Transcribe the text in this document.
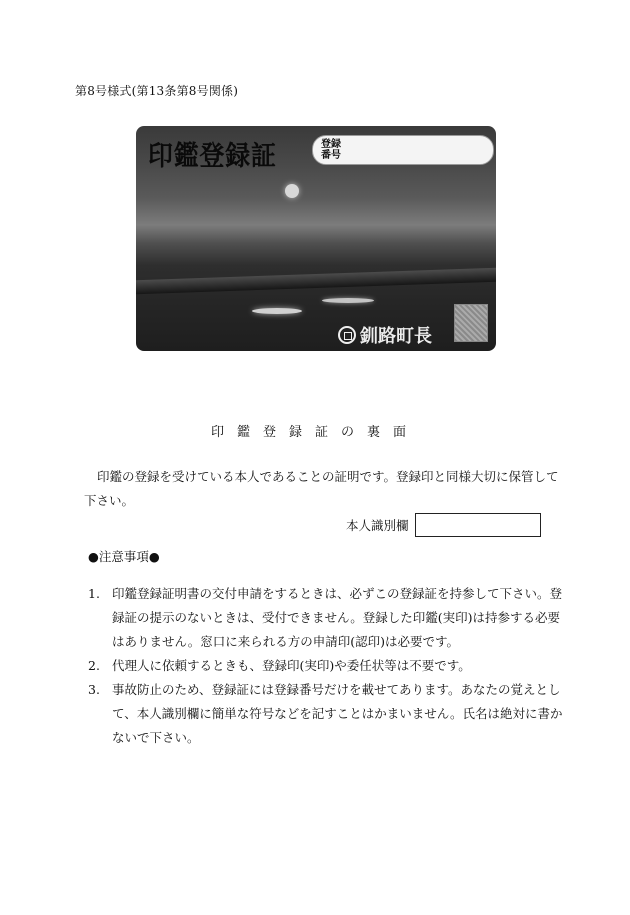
第8号様式(第13条第8号関係)
印鑑登録証	登録番号
釧路町長
印鑑登録証の裏面
印鑑の登録を受けている本人であることの証明です。登録印と同様大切に保管して下さい。
本人識別欄
●注意事項●
1. 印鑑登録証明書の交付申請をするときは、必ずこの登録証を持参して下さい。登録証の提示のないときは、受付できません。登録した印鑑(実印)は持参する必要はありません。窓口に来られる方の申請印(認印)は必要です。
2. 代理人に依頼するときも、登録印(実印)や委任状等は不要です。
3. 事故防止のため、登録証には登録番号だけを載せてあります。あなたの覚えとして、本人識別欄に簡単な符号などを記すことはかまいません。氏名は絶対に書かないで下さい。
